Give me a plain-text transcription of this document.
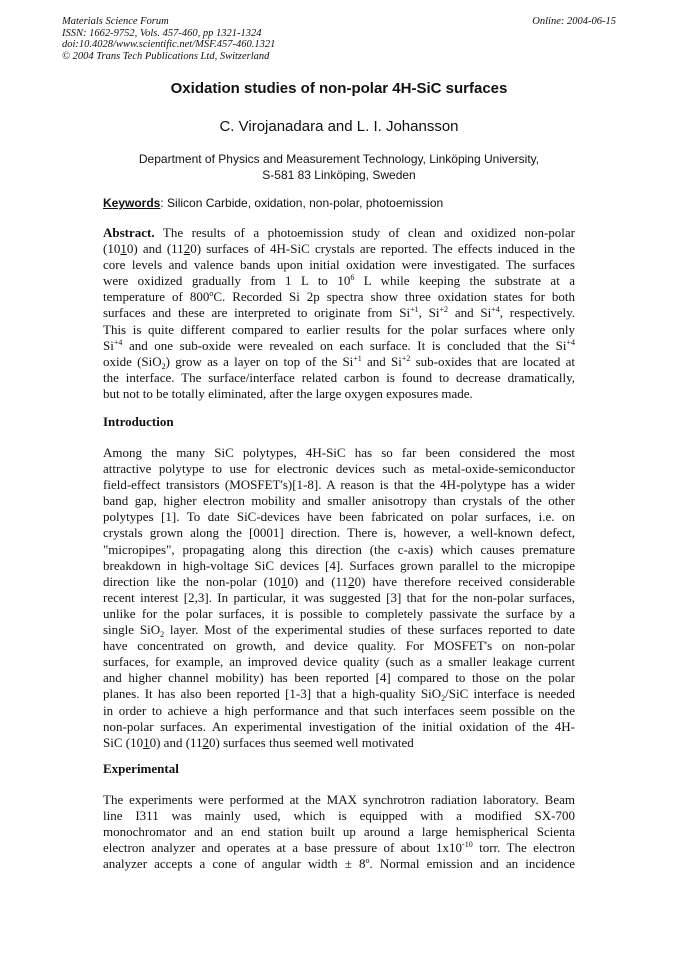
Materials Science Forum
ISSN: 1662-9752, Vols. 457-460, pp 1321-1324
doi:10.4028/www.scientific.net/MSF.457-460.1321
© 2004 Trans Tech Publications Ltd, Switzerland
Online: 2004-06-15
Oxidation studies of non-polar 4H-SiC surfaces
C. Virojanadara and L. I. Johansson
Department of Physics and Measurement Technology, Linköping University,
S-581 83 Linköping, Sweden
Keywords: Silicon Carbide, oxidation, non-polar, photoemission
Abstract. The results of a photoemission study of clean and oxidized non-polar
(1010) and (1120) surfaces of 4H-SiC crystals are reported. The effects induced in the
core levels and valence bands upon initial oxidation were investigated. The surfaces
were oxidized gradually from 1 L to $10^6$ L while keeping the substrate at a
temperature of 800$^o$C. Recorded Si 2p spectra show three oxidation states for both
surfaces and these are interpreted to originate from $Si^{+1}$, $Si^{+2}$ and $Si^{+4}$, respectively.
This is quite different compared to earlier results for the polar surfaces where only
$Si^{+4}$ and one sub-oxide were revealed on each surface. It is concluded that the $Si^{+4}$
oxide (SiO$_2$) grow as a layer on top of the $Si^{+1}$ and $Si^{+2}$ sub-oxides that are located at
the interface. The surface/interface related carbon is found to decrease dramatically,
but not to be totally eliminated, after the large oxygen exposures made.
Introduction
Among the many SiC polytypes, 4H-SiC has so far been considered the most
attractive polytype to use for electronic devices such as metal-oxide-semiconductor
field-effect transistors (MOSFET's)[1-8]. A reason is that the 4H-polytype has a wider
band gap, higher electron mobility and smaller anisotropy than crystals of the other
polytypes [1]. To date SiC-devices have been fabricated on polar surfaces, i.e. on
crystals grown along the [0001] direction. There is, however, a well-known defect,
"micropipes", propagating along this direction (the c-axis) which causes premature
breakdown in high-voltage SiC devices [4]. Surfaces grown parallel to the micropipe
direction like the non-polar (1010) and (1120) have therefore received considerable
recent interest [2,3]. In particular, it was suggested [3] that for the non-polar surfaces,
unlike for the polar surfaces, it is possible to completely passivate the surface by a
single SiO$_2$ layer. Most of the experimental studies of these surfaces reported to date
have concentrated on growth, and device quality. For MOSFET's on non-polar
surfaces, for example, an improved device quality (such as a smaller leakage current
and higher channel mobility) has been reported [4] compared to those on the polar
planes. It has also been reported [1-3] that a high-quality SiO$_2$/SiC interface is needed
in order to achieve a high performance and that such interfaces seem possible on the
non-polar surfaces. An experimental investigation of the initial oxidation of the 4H-
SiC (1010) and (1120) surfaces thus seemed well motivated
Experimental
The experiments were performed at the MAX synchrotron radiation laboratory. Beam
line I311 was mainly used, which is equipped with a modified SX-700
monochromator and an end station built up around a large hemispherical Scienta
electron analyzer and operates at a base pressure of about $1x10^{-10}$ torr. The electron
analyzer accepts a cone of angular width ± $8^o$. Normal emission and an incidence
